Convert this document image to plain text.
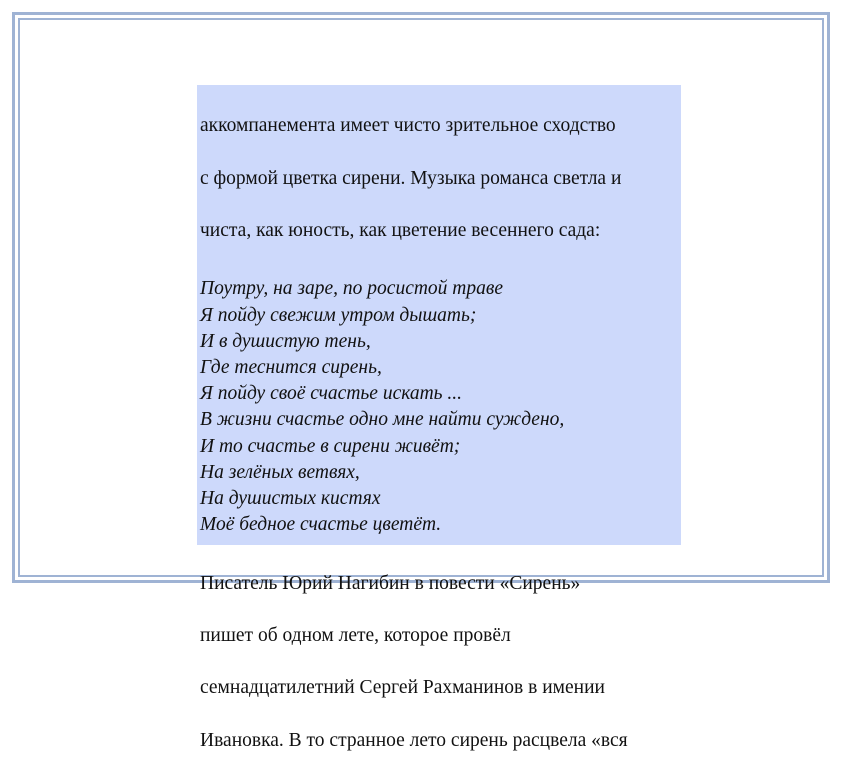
аккомпанемента имеет чисто зрительное сходство

с формой цветка сирени. Музыка романса светла и

чиста, как юность, как цветение весеннего сада:

Поутру, на заре, по росистой траве
Я пойду свежим утром дышать;
И в душистую тень,
Где теснится сирень,
Я пойду своё счастье искать ...
В жизни счастье одно мне найти суждено,
И то счастье в сирени живёт;
На зелёных ветвях,
На душистых кистях
Моё бедное счастье цветёт.

Писатель Юрий Нагибин в повести «Сирень»

пишет об одном лете, которое провёл

семнадцатилетний Сергей Рахманинов в имении

Ивановка. В то странное лето сирень расцвела «вся
